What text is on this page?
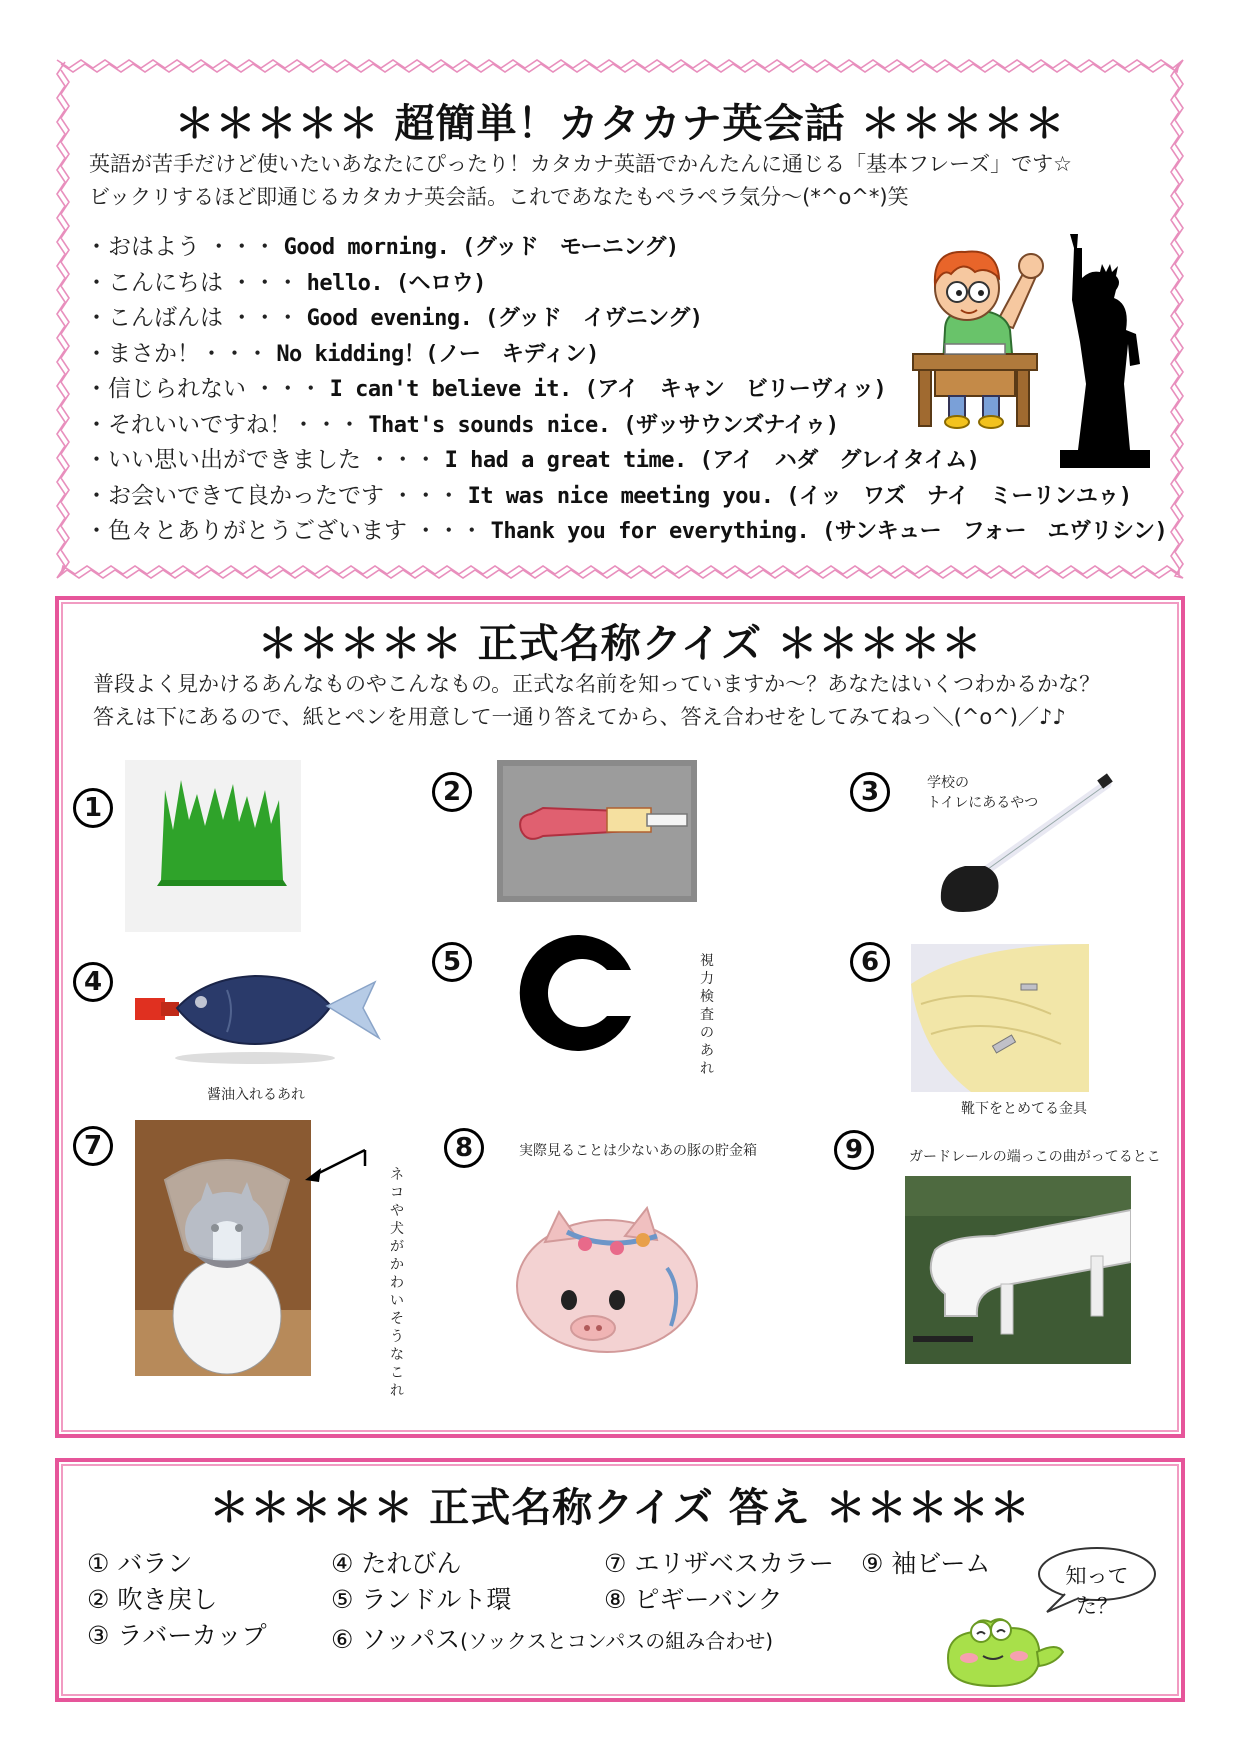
＊＊＊＊＊ 超簡単！カタカナ英会話 ＊＊＊＊＊
英語が苦手だけど使いたいあなたにぴったり！カタカナ英語でかんたんに通じる「基本フレーズ」です☆
ビックリするほど即通じるカタカナ英会話。これであなたもペラペラ気分～(*^o^*)笑
・おはよう ・・・ Good morning. (グッド　モーニング)
・こんにちは ・・・ hello. (ヘロウ)
・こんばんは ・・・ Good evening. (グッド　イヴニング)
・まさか！・・・ No kidding！(ノー　キディン)
・信じられない ・・・ I can't believe it. (アイ　キャン　ビリーヴィッ)
・それいいですね！・・・ That's sounds nice. (ザッサウンズナイゥ)
・いい思い出ができました ・・・ I had a great time. (アイ　ハダ　グレイタイム)
・お会いできて良かったです ・・・ It was nice meeting you. (イッ　ワズ　ナイ　ミーリンユゥ)
・色々とありがとうございます ・・・ Thank you for everything. (サンキュー　フォー　エヴリシン)
＊＊＊＊＊ 正式名称クイズ ＊＊＊＊＊
普段よく見かけるあんなものやこんなもの。正式な名前を知っていますか～？あなたはいくつわかるかな？
答えは下にあるので、紙とペンを用意して一通り答えてから、答え合わせをしてみてねっ＼(^o^)／♪♪
1
2	3	学校の
トイレにあるやつ
4
醤油入れるあれ
5	視力検査のあれ
6
靴下をとめてる金具
7
ネコや犬がかわいそうなこれ
8	実際見ることは少ないあの豚の貯金箱	9	ガードレールの端っこの曲がってるとこ
＊＊＊＊＊ 正式名称クイズ 答え ＊＊＊＊＊
① バラン
② 吹き戻し
③ ラバーカップ
④ たれびん
⑤ ランドルト環
⑥ ソッパス(ソックスとコンパスの組み合わせ)
⑦ エリザベスカラー
⑧ ピギーバンク
⑨ 袖ビーム	知ってた？
